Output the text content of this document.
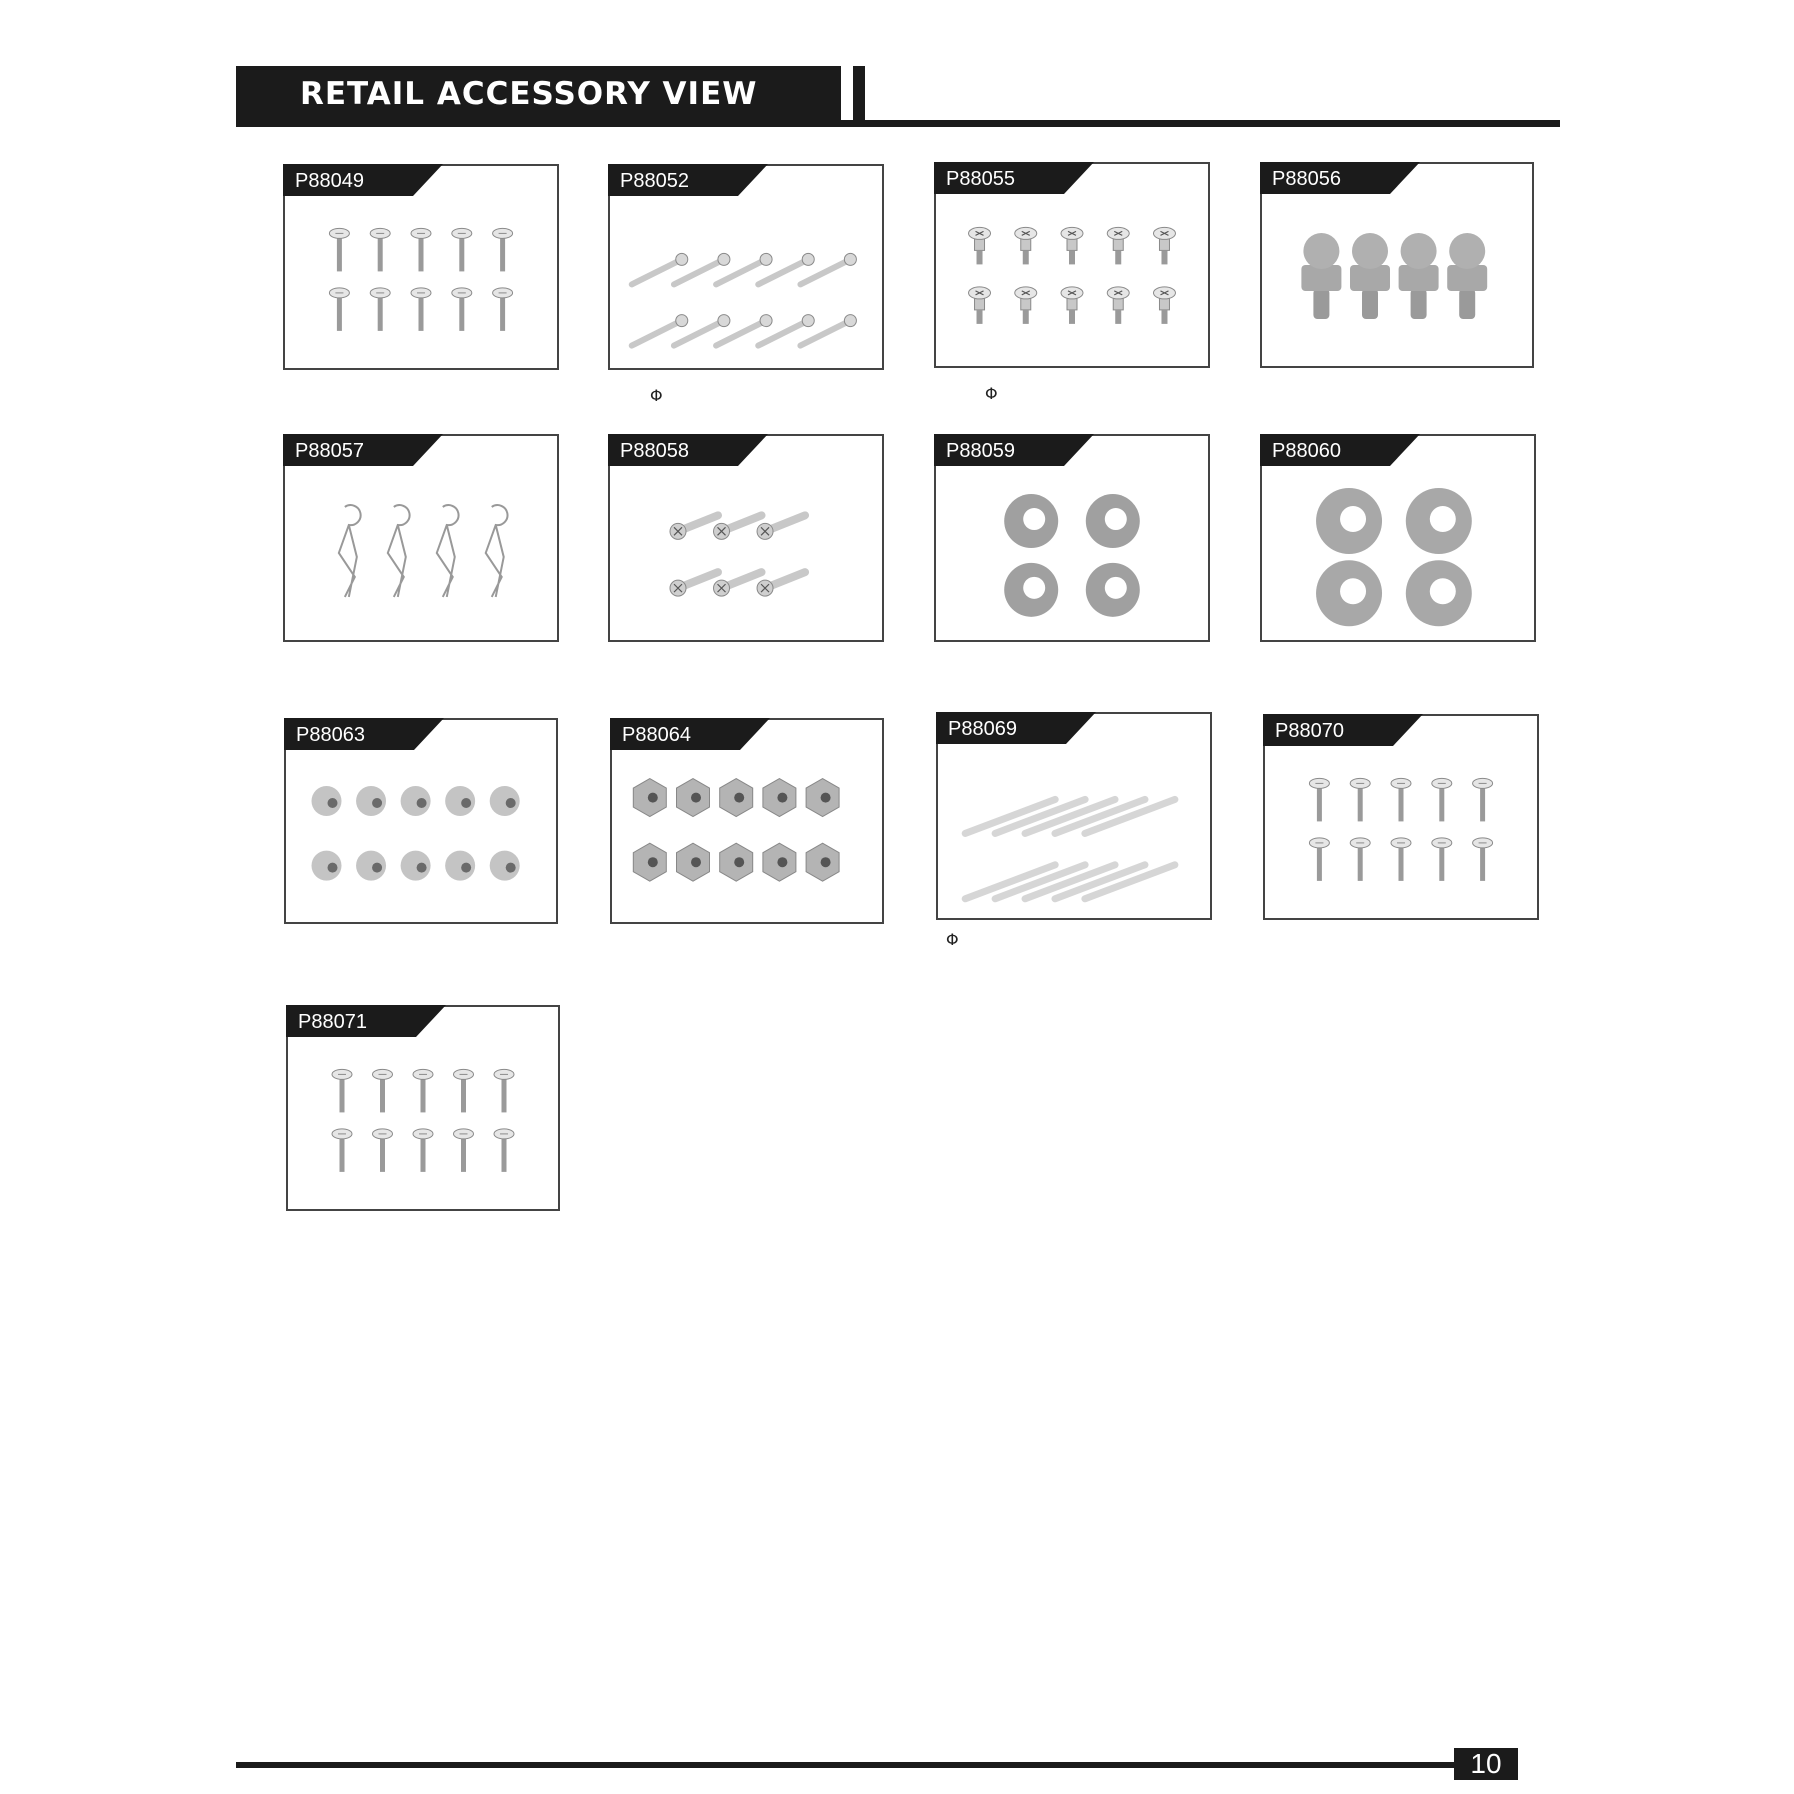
RETAIL ACCESSORY VIEW
P88049	P88052	P88055	P88056
P88057	P88058	P88059	P88060
P88063	P88064	P88069	P88070
P88071
Φ	Φ
Φ
10
